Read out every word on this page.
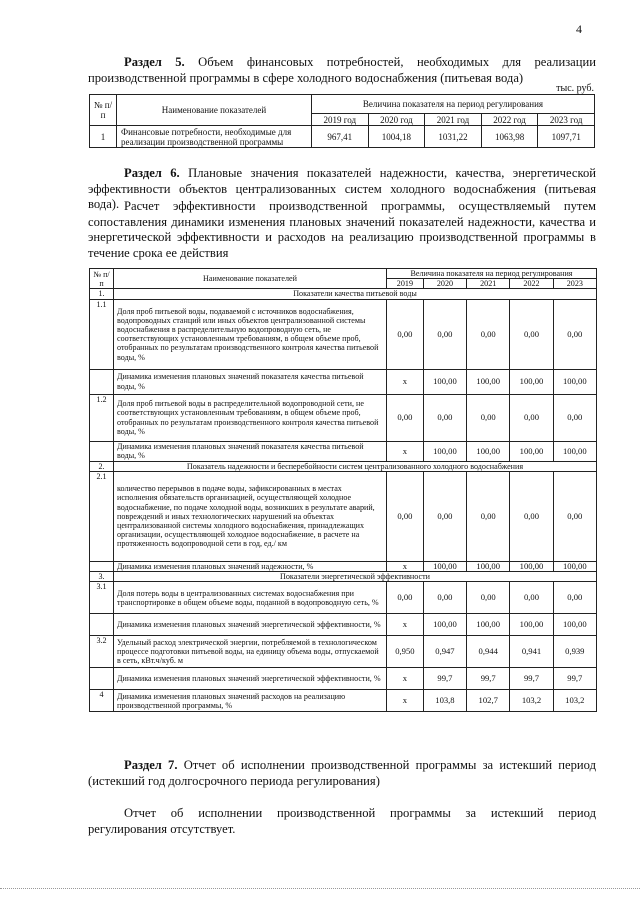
4
Раздел 5. Объем финансовых потребностей, необходимых для реализации производственной программы в сфере холодного водоснабжения (питьевая вода)
тыс. руб.
№ п/п	Наименование показателей	Величина показателя на период регулирования				
		2019 год	2020 год	2021 год	2022 год	2023 год
1	Финансовые потребности, необходимые для реализации производственной программы	967,41	1004,18	1031,22	1063,98	1097,71
Раздел 6. Плановые значения показателей надежности, качества, энергетической эффективности объектов централизованных систем холодного водоснабжения (питьевая вода). Расчет эффективности производственной программы, осуществляемый путем сопоставления динамики изменения плановых значений показателей надежности, качества и энергетической эффективности и расходов на реализацию производственной программы в течение срока ее действия
№ п/п	Наименование показателей	Величина показателя на период регулирования				
		2019	2020	2021	2022	2023
1.	Показатели качества питьевой воды					
1.1	Доля проб питьевой воды, подаваемой с источников водоснабжения, водопроводных станций или иных объектов централизованной системы водоснабжения в распределительную водопроводную сеть, не соответствующих установленным требованиям, в общем объеме проб, отобранных по результатам производственного контроля качества питьевой воды, %	0,00	0,00	0,00	0,00	0,00
	Динамика изменения плановых значений показателя качества питьевой воды, %	x	100,00	100,00	100,00	100,00
1.2	Доля проб питьевой воды в распределительной водопроводной сети, не соответствующих установленным требованиям, в общем объеме проб, отобранных по результатам производственного контроля качества питьевой воды, %	0,00	0,00	0,00	0,00	0,00
	Динамика изменения плановых значений показателя качества питьевой воды, %	x	100,00	100,00	100,00	100,00
2.	Показатель надежности и бесперебойности систем централизованного холодного водоснабжения					
2.1	количество перерывов в подаче воды, зафиксированных в местах исполнения обязательств организацией, осуществляющей холодное водоснабжение, по подаче холодной воды, возникших в результате аварий, повреждений и иных технологических нарушений на объектах централизованной системы холодного водоснабжения, принадлежащих организации, осуществляющей холодное водоснабжение, в расчете на протяженность водопроводной сети в год, ед./ км	0,00	0,00	0,00	0,00	0,00
	Динамика изменения плановых значений надежности, %	x	100,00	100,00	100,00	100,00
3.	Показатели энергетической эффективности					
3.1	Доля потерь воды в централизованных системах водоснабжения при транспортировке в общем объеме воды, поданной в водопроводную сеть, %	0,00	0,00	0,00	0,00	0,00
	Динамика изменения плановых значений энергетической эффективности, %	x	100,00	100,00	100,00	100,00
3.2	Удельный расход электрической энергии, потребляемой в технологическом процессе подготовки питьевой воды, на единицу объема воды, отпускаемой в сеть, кВт.ч/куб. м	0,950	0,947	0,944	0,941	0,939
	Динамика изменения плановых значений энергетической эффективности, %	x	99,7	99,7	99,7	99,7
4	Динамика изменения плановых значений расходов на реализацию производственной программы, %	x	103,8	102,7	103,2	103,2
Раздел 7. Отчет об исполнении производственной программы за истекший период (истекший год долгосрочного периода регулирования)
Отчет об исполнении производственной программы за истекший период регулирования отсутствует.
